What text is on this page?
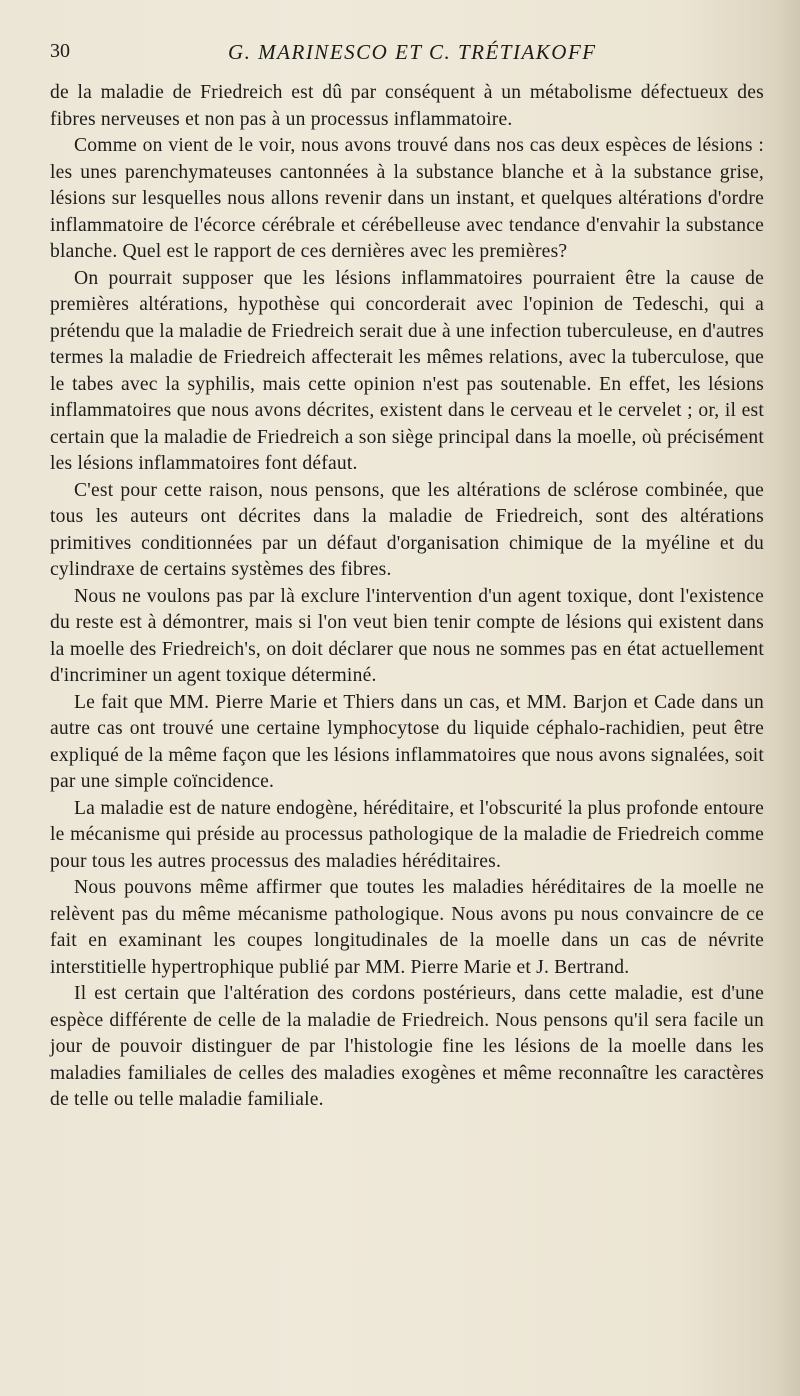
30	G. MARINESCO ET C. TRÉTIAKOFF

de la maladie de Friedreich est dû par conséquent à un métabolisme défectueux des fibres nerveuses et non pas à un processus inflammatoire.

Comme on vient de le voir, nous avons trouvé dans nos cas deux espèces de lésions : les unes parenchymateuses cantonnées à la substance blanche et à la substance grise, lésions sur lesquelles nous allons revenir dans un instant, et quelques altérations d'ordre inflammatoire de l'écorce cérébrale et cérébelleuse avec tendance d'envahir la substance blanche. Quel est le rapport de ces dernières avec les premières?

On pourrait supposer que les lésions inflammatoires pourraient être la cause de premières altérations, hypothèse qui concorderait avec l'opinion de Tedeschi, qui a prétendu que la maladie de Friedreich serait due à une infection tuberculeuse, en d'autres termes la maladie de Friedreich affecterait les mêmes relations, avec la tuberculose, que le tabes avec la syphilis, mais cette opinion n'est pas soutenable. En effet, les lésions inflammatoires que nous avons décrites, existent dans le cerveau et le cervelet ; or, il est certain que la maladie de Friedreich a son siège principal dans la moelle, où précisément les lésions inflammatoires font défaut.

C'est pour cette raison, nous pensons, que les altérations de sclérose combinée, que tous les auteurs ont décrites dans la maladie de Friedreich, sont des altérations primitives conditionnées par un défaut d'organisation chimique de la myéline et du cylindraxe de certains systèmes des fibres.

Nous ne voulons pas par là exclure l'intervention d'un agent toxique, dont l'existence du reste est à démontrer, mais si l'on veut bien tenir compte de lésions qui existent dans la moelle des Friedreich's, on doit déclarer que nous ne sommes pas en état actuellement d'incriminer un agent toxique déterminé.

Le fait que MM. Pierre Marie et Thiers dans un cas, et MM. Barjon et Cade dans un autre cas ont trouvé une certaine lymphocytose du liquide céphalo-rachidien, peut être expliqué de la même façon que les lésions inflammatoires que nous avons signalées, soit par une simple coïncidence.

La maladie est de nature endogène, héréditaire, et l'obscurité la plus profonde entoure le mécanisme qui préside au processus pathologique de la maladie de Friedreich comme pour tous les autres processus des maladies héréditaires.

Nous pouvons même affirmer que toutes les maladies héréditaires de la moelle ne relèvent pas du même mécanisme pathologique. Nous avons pu nous convaincre de ce fait en examinant les coupes longitudinales de la moelle dans un cas de névrite interstitielle hypertrophique publié par MM. Pierre Marie et J. Bertrand.

Il est certain que l'altération des cordons postérieurs, dans cette maladie, est d'une espèce différente de celle de la maladie de Friedreich. Nous pensons qu'il sera facile un jour de pouvoir distinguer de par l'histologie fine les lésions de la moelle dans les maladies familiales de celles des maladies exogènes et même reconnaître les caractères de telle ou telle maladie familiale.
